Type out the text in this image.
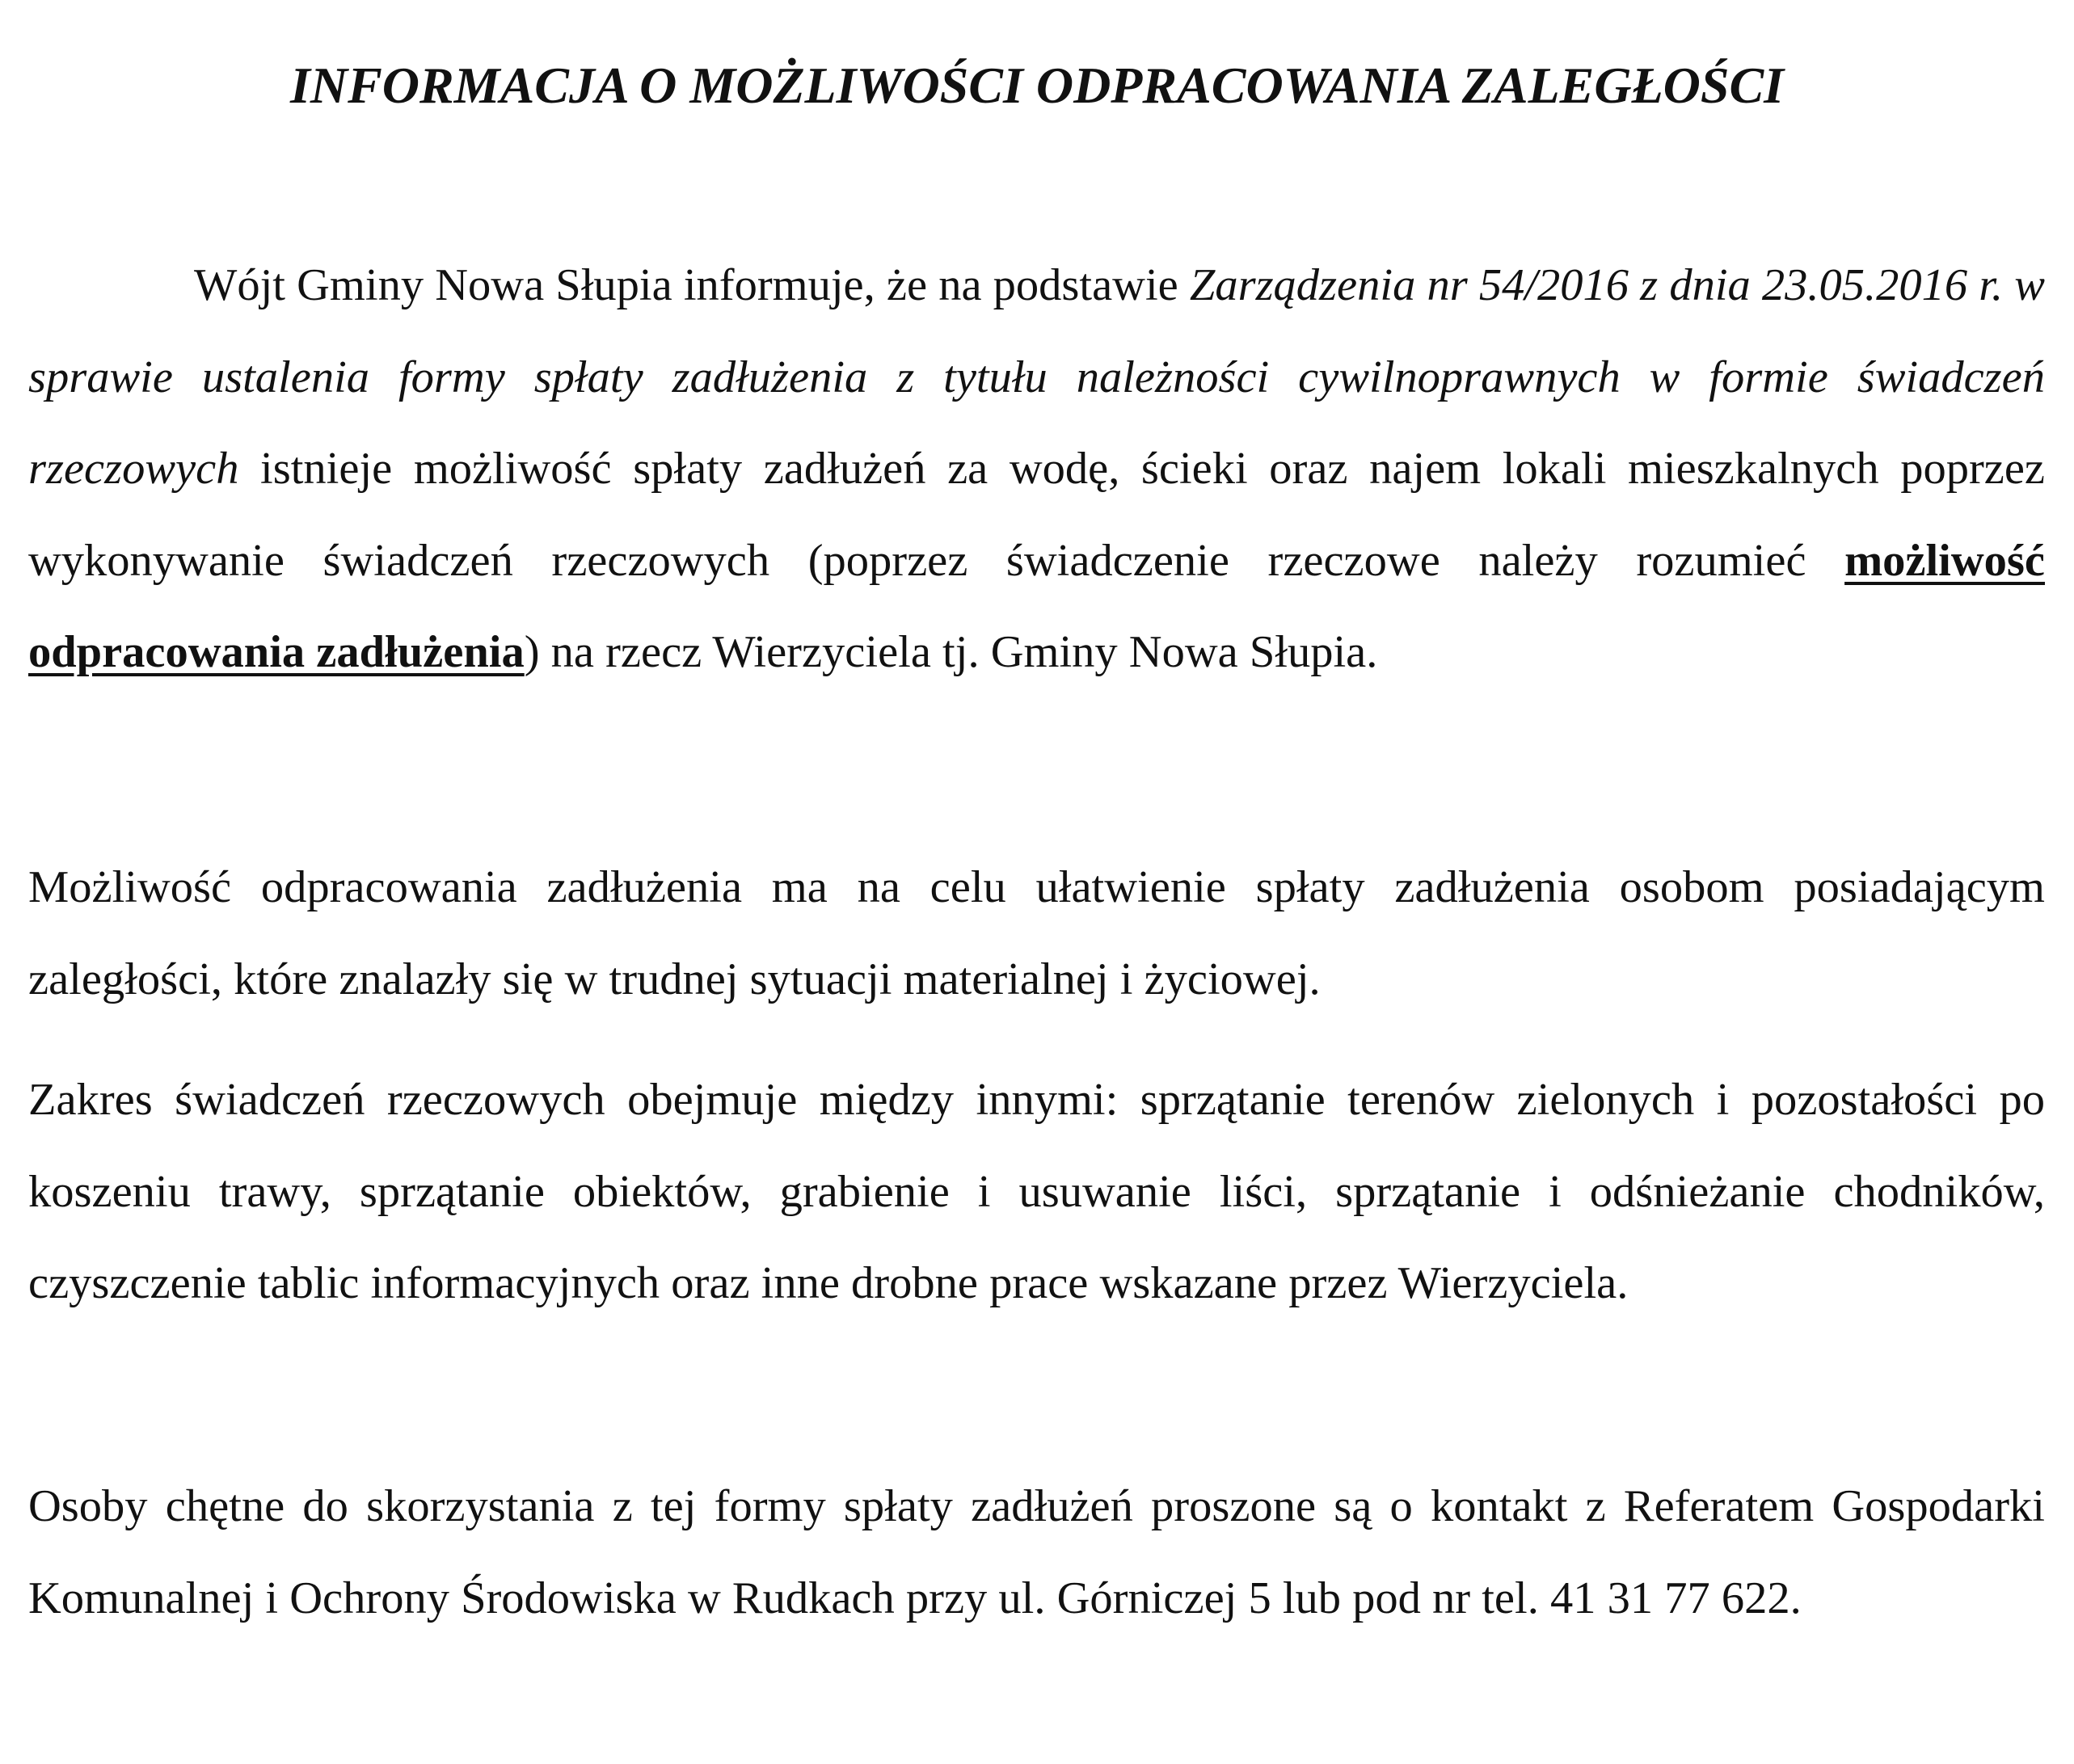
INFORMACJA O MOŻLIWOŚCI ODPRACOWANIA ZALEGŁOŚCI

Wójt Gminy Nowa Słupia informuje, że na podstawie Zarządzenia nr 54/2016 z dnia 23.05.2016 r. w sprawie ustalenia formy spłaty zadłużenia z tytułu należności cywilnoprawnych w formie świadczeń rzeczowych istnieje możliwość spłaty zadłużeń za wodę, ścieki oraz najem lokali mieszkalnych poprzez wykonywanie świadczeń rzeczowych (poprzez świadczenie rzeczowe należy rozumieć możliwość odpracowania zadłużenia) na rzecz Wierzyciela tj. Gminy Nowa Słupia.

Możliwość odpracowania zadłużenia ma na celu ułatwienie spłaty zadłużenia osobom posiadającym zaległości, które znalazły się w trudnej sytuacji materialnej i życiowej.

Zakres świadczeń rzeczowych obejmuje między innymi: sprzątanie terenów zielonych i pozostałości po koszeniu trawy, sprzątanie obiektów, grabienie i usuwanie liści, sprzątanie i odśnieżanie chodników, czyszczenie tablic informacyjnych oraz inne drobne prace wskazane przez Wierzyciela.

Osoby chętne do skorzystania z tej formy spłaty zadłużeń proszone są o kontakt z Referatem Gospodarki Komunalnej i Ochrony Środowiska w Rudkach przy ul. Górniczej 5 lub pod nr tel. 41 31 77 622.
